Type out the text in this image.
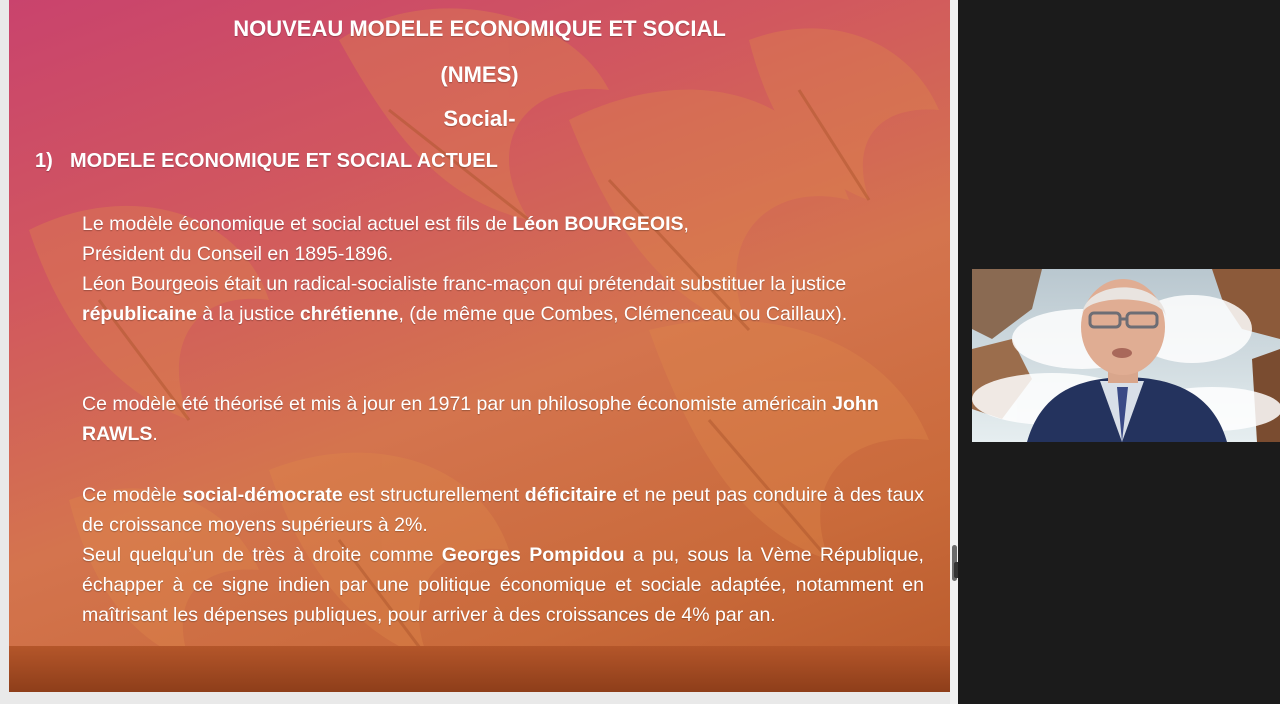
NOUVEAU MODELE ECONOMIQUE ET SOCIAL
(NMES)
Social-
1) MODELE ECONOMIQUE ET SOCIAL ACTUEL
Le modèle économique et social actuel est fils de Léon BOURGEOIS,
Président du Conseil en 1895-1896.
Léon Bourgeois était un radical-socialiste franc-maçon qui prétendait substituer la justice républicaine à la justice chrétienne, (de même que Combes, Clémenceau ou Caillaux).
Ce modèle été théorisé et mis à jour en 1971 par un philosophe économiste américain John RAWLS.
Ce modèle social-démocrate est structurellement déficitaire et ne peut pas conduire à des taux de croissance moyens supérieurs à 2%.
Seul quelqu’un de très à droite comme Georges Pompidou a pu, sous la Vème République, échapper à ce signe indien par une politique économique et sociale adaptée, notamment en maîtrisant les dépenses publiques, pour arriver à des croissances de 4% par an.
